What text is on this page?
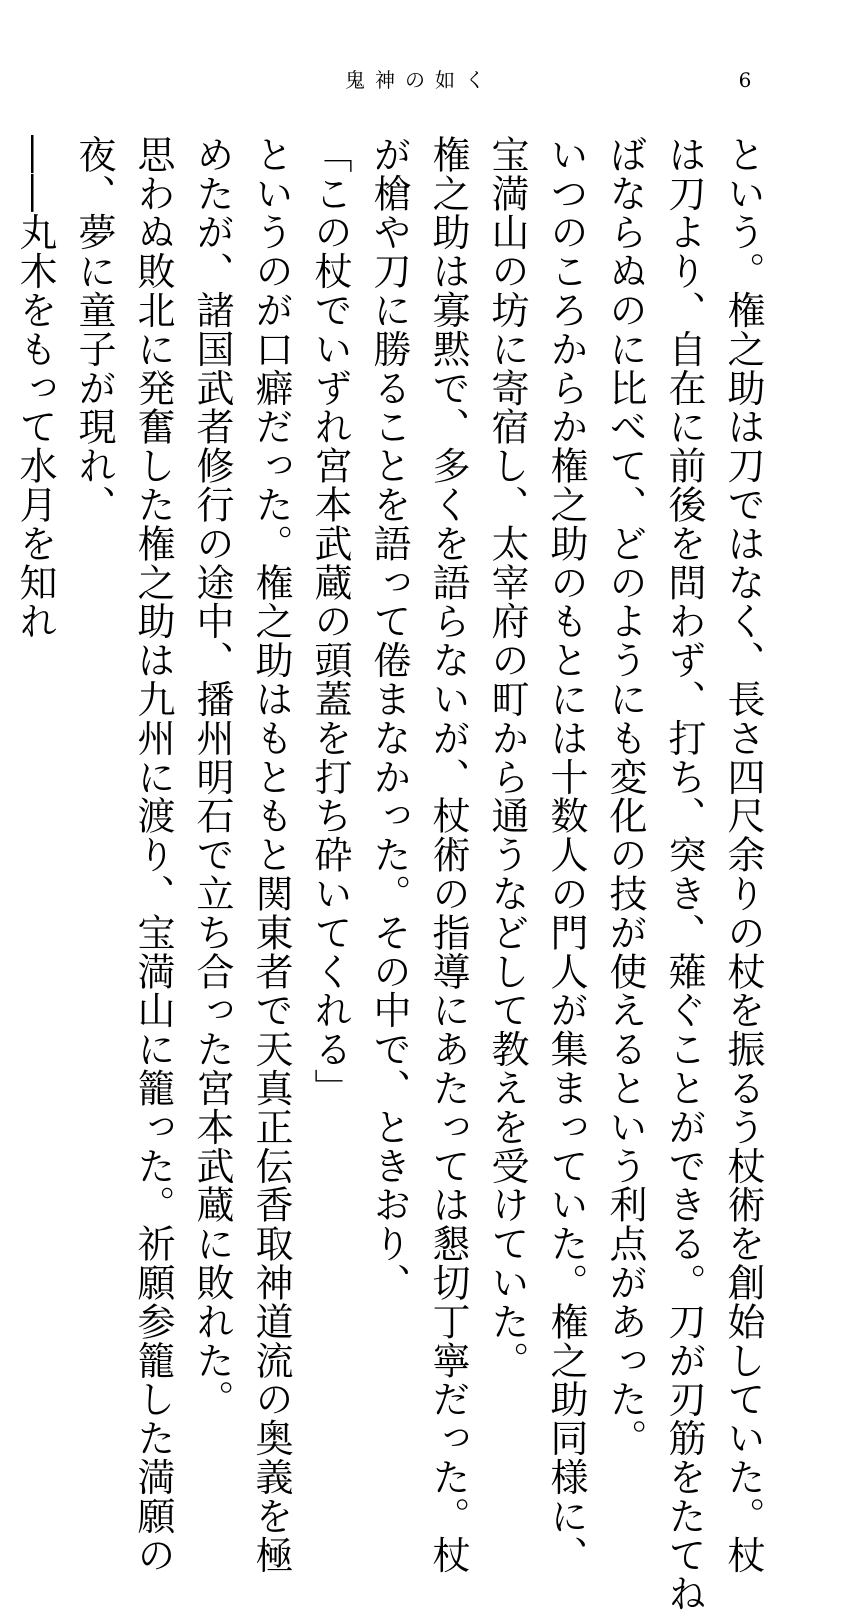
鬼神の如く	6

という。権之助は刀ではなく、長さ四尺余りの杖を振るう杖術を創始していた。杖

は刀より、自在に前後を問わず、打ち、突き、薙ぐことができる。刀が刃筋をたてね

ばならぬのに比べて、どのようにも変化の技が使えるという利点があった。

いつのころからか権之助のもとには十数人の門人が集まっていた。権之助同様に、

宝満山の坊に寄宿し、太宰府の町から通うなどして教えを受けていた。

権之助は寡黙で、多くを語らないが、杖術の指導にあたっては懇切丁寧だった。杖

が槍や刀に勝ることを語って倦まなかった。その中で、ときおり、

「この杖でいずれ宮本武蔵の頭蓋を打ち砕いてくれる」

というのが口癖だった。権之助はもともと関東者で天真正伝香取神道流の奥義を極

めたが、諸国武者修行の途中、播州明石で立ち合った宮本武蔵に敗れた。

思わぬ敗北に発奮した権之助は九州に渡り、宝満山に籠った。祈願参籠した満願の

夜、夢に童子が現れ、

――丸木をもって水月を知れ
